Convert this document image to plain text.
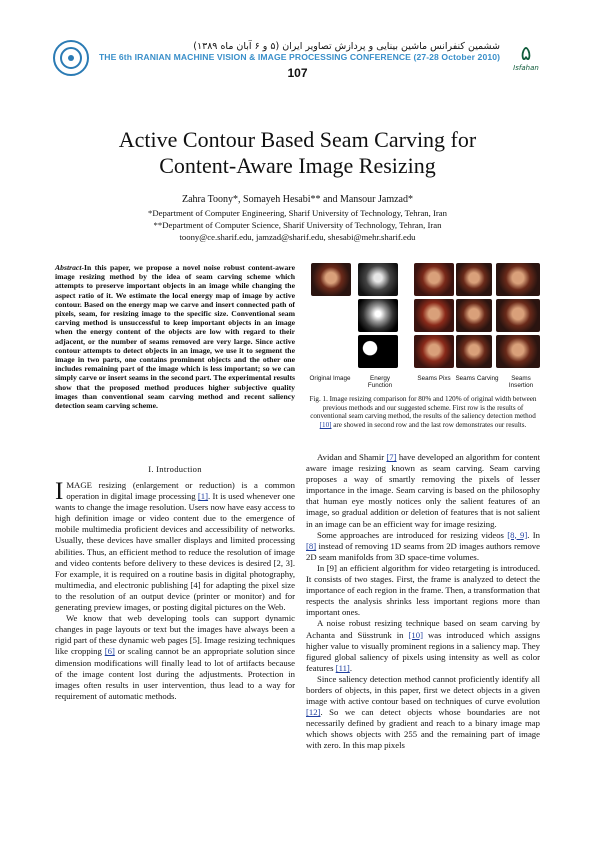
ششمین کنفرانس ماشین بینایی و پردازش تصاویر ایران (۵ و ۶ آبان ماه ۱۳۸۹)
THE 6th IRANIAN MACHINE VISION & IMAGE PROCESSING CONFERENCE (27-28 October 2010)	۵
Isfahan
107
Active Contour Based Seam Carving for
Content-Aware Image Resizing
Zahra Toony*, Somayeh Hesabi** and Mansour Jamzad*
*Department of Computer Engineering, Sharif University of Technology, Tehran, Iran
**Department of Computer Science, Sharif University of Technology, Tehran, Iran
toony@ce.sharif.edu, jamzad@sharif.edu, shesabi@mehr.sharif.edu
Abstract-In this paper, we propose a novel noise robust content-aware image resizing method by the idea of seam carving scheme which attempts to preserve important objects in an image while changing the aspect ratio of it. We estimate the local energy map of image by active contour. Based on the energy map we carve and insert connected path of pixels, seam, for resizing image to the specific size. Conventional seam carving method is unsuccessful to keep important objects in an image when the energy content of the objects are low with regard to their adjacent, or the number of seams removed are very large. Since active contour attempts to detect objects in an image, we use it to segment the image in two parts, one contains prominent objects and the other one includes remaining part of the image which is less important; so we can simply carve or insert seams in the second part. The experimental results show that the proposed method produces higher subjective quality images than conventional seam carving method and recent saliency detection seam carving scheme.
I. Introduction

IMAGE resizing (enlargement or reduction) is a common operation in digital image processing [1]. It is used whenever one wants to change the image resolution. Users now have easy access to high definition image or video content due to the emergence of mobile multimedia proficient devices and accessibility of networks. Usually, these devices have smaller displays and limited processing abilities. Thus, an efficient method to reduce the resolution of image and video contents before delivery to these devices is desired [2, 3]. For example, it is required on a routine basis in digital photography, multimedia, and electronic publishing [4] for adapting the pixel size to the resolution of an output device (printer or monitor) and for generating preview images, or posting digital pictures on the Web.

We know that web developing tools can support dynamic changes in page layouts or text but the images have always been a rigid part of these dynamic web pages [5]. Image resizing techniques like cropping [6] or scaling cannot be an appropriate solution since dimension modifications will finally lead to lot of artifacts because of the image content lost during the adjustments. Protection in images often results in user intervention, thus lead to a way for requirement of automatic methods.

Original Image	Energy Function
Seams Pixs Seams Carving	Seams Insertion
Fig. 1. Image resizing comparison for 80% and 120% of original width between previous methods and our suggested scheme. First row is the results of conventional seam carving method, the results of the saliency detection method [10] are showed in second row and the last row demonstrates our results.

Avidan and Shamir [7] have developed an algorithm for content aware image resizing known as seam carving. Seam carving proposes a way of smartly removing the pixels of lesser importance in the image. Seam carving is based on the philosophy that human eye mostly notices only the salient features of an image, so gradual addition or deletion of features that is not salient in an image can be an efficient way for image resizing.

Some approaches are introduced for resizing videos [8, 9]. In [8] instead of removing 1D seams from 2D images authors remove 2D seam manifolds from 3D space-time volumes.

In [9] an efficient algorithm for video retargeting is introduced. It consists of two stages. First, the frame is analyzed to detect the importance of each region in the frame. Then, a transformation that respects the analysis shrinks less important regions more than important ones.

A noise robust resizing technique based on seam carving by Achanta and Süsstrunk in [10] was introduced which assigns higher value to visually prominent regions in a saliency map. They figured global saliency of pixels using intensity as well as color features [11].

Since saliency detection method cannot proficiently identify all borders of objects, in this paper, first we detect objects in a given image with active contour based on techniques of curve evolution [12]. So we can detect objects whose boundaries are not necessarily defined by gradient and reach to a binary image map which shows objects with 255 and the remaining part of image with zero. In this map pixels
